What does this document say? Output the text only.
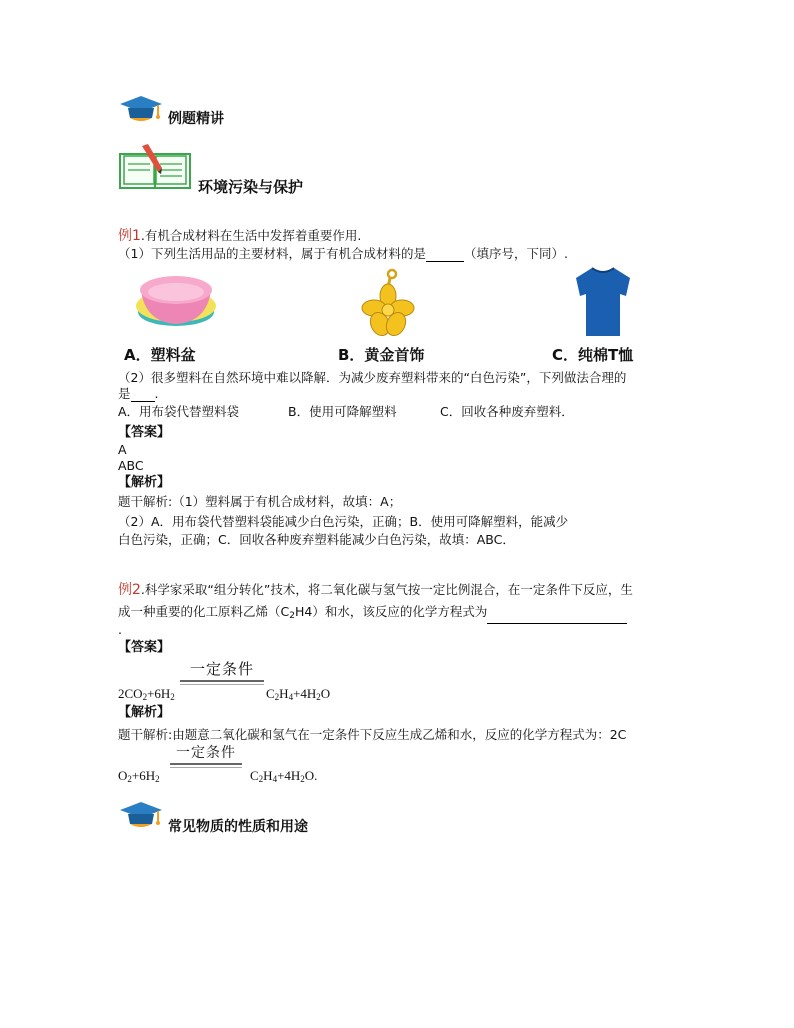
例题精讲
环境污染与保护
例1.有机合成材料在生活中发挥着重要作用.
（1）下列生活用品的主要材料，属于有机合成材料的是	（填序号，下同）.
A．塑料盆	B．黄金首饰	C．纯棉T恤
（2）很多塑料在自然环境中难以降解．为减少废弃塑料带来的“白色污染”，下列做法合理的
是 .
A．用布袋代替塑料袋	B．使用可降解塑料	C．回收各种废弃塑料．
【答案】
A
ABC
【解析】
题干解析:（1）塑料属于有机合成材料，故填：A；
（2）A．用布袋代替塑料袋能减少白色污染，正确；B．使用可降解塑料，能减少
白色污染，正确；C．回收各种废弃塑料能减少白色污染，故填：ABC．
例2.科学家采取“组分转化”技术，将二氧化碳与氢气按一定比例混合，在一定条件下反应，生
成一种重要的化工原料乙烯$(C_2H4)$和水，该反应的化学方程式为
.
【答案】
一定条件
$2CO_2+6H_2$	$C_2H_4+4H_2O$
【解析】
题干解析:由题意二氧化碳和氢气在一定条件下反应生成乙烯和水，反应的化学方程式为：2C
一定条件
$O_2+6H_2$	$C_2H_4+4H_2O$.
常见物质的性质和用途
